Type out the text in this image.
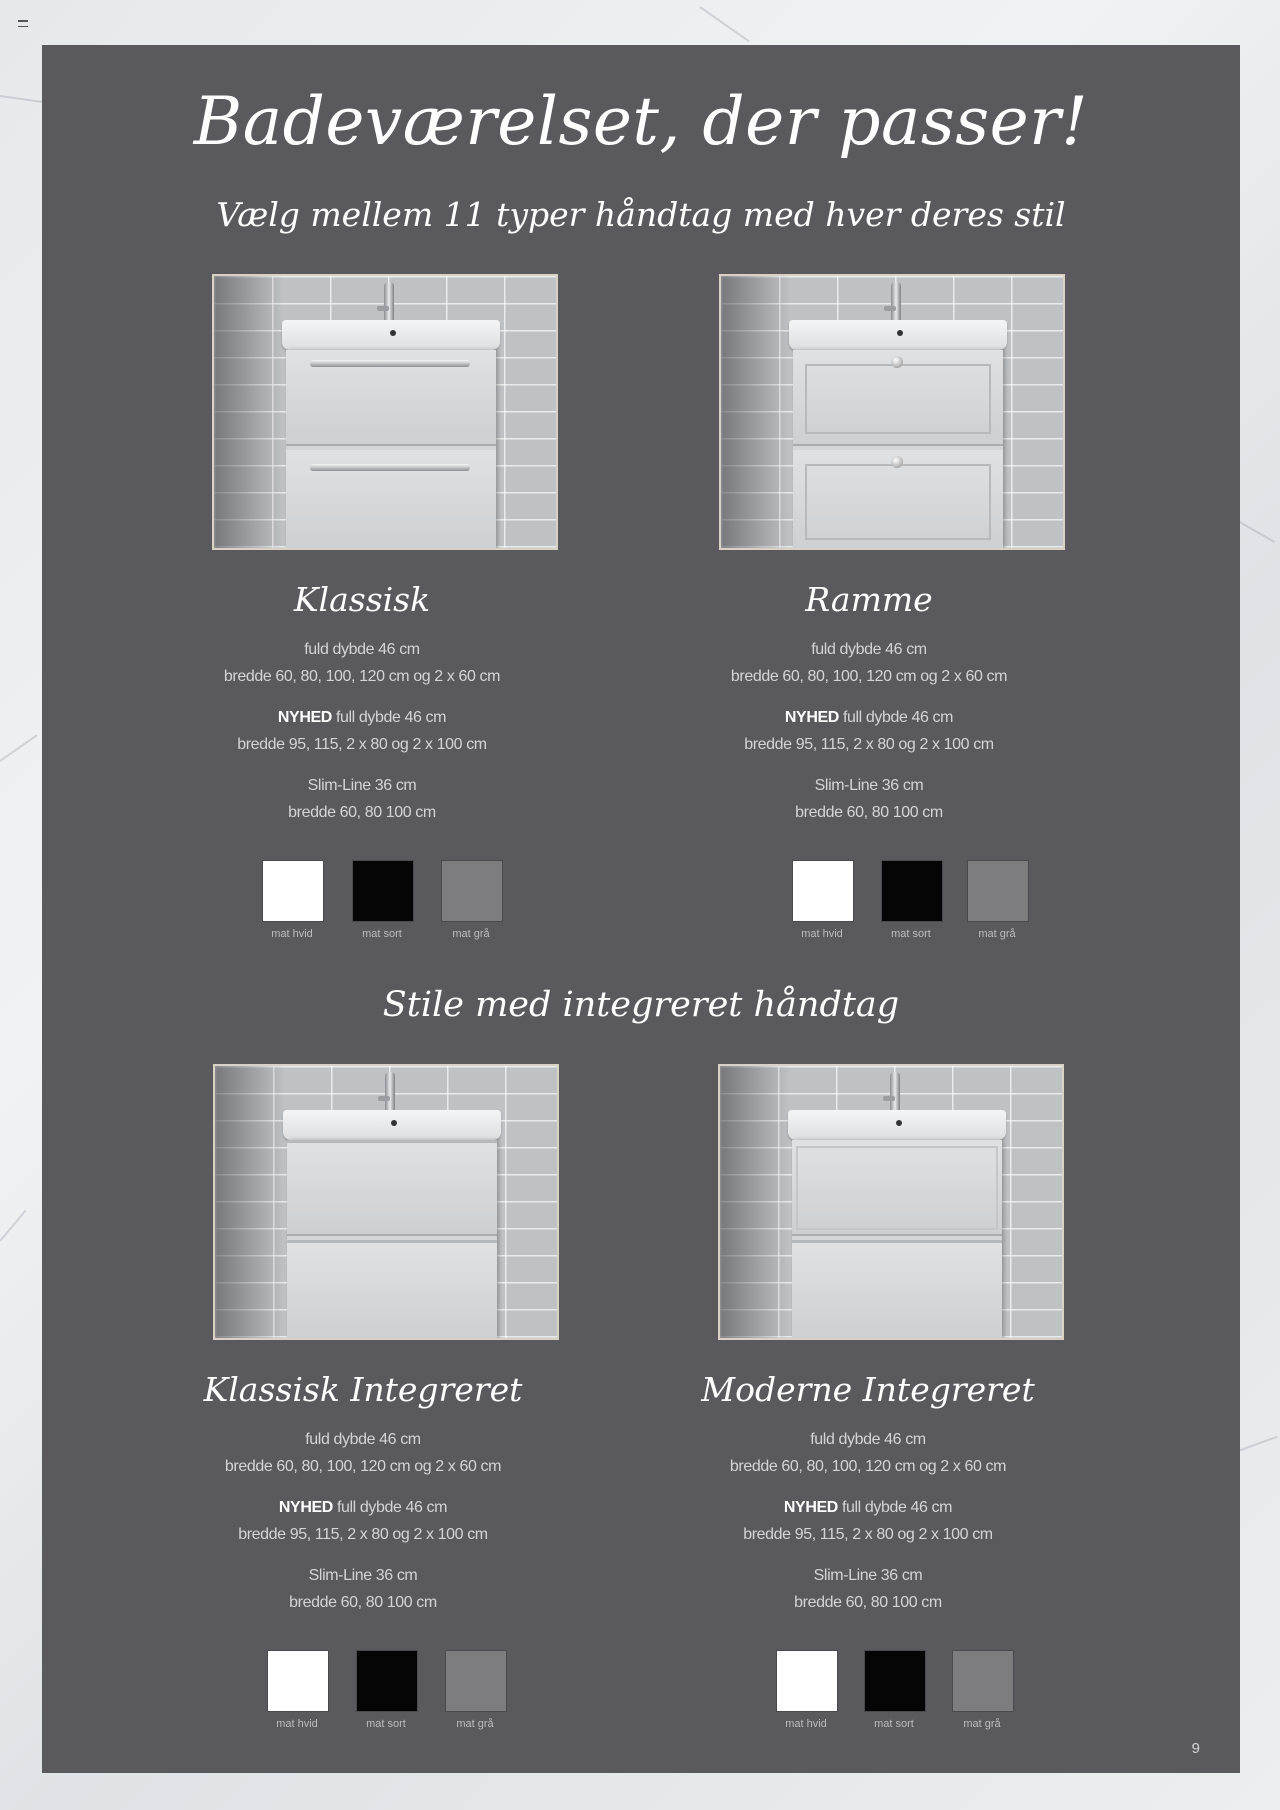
Badeværelset, der passer!
Vælg mellem 11 typer håndtag med hver deres stil
Stile med integreret håndtag
Klassisk
fuld dybde 46 cm
bredde 60, 80, 100, 120 cm og 2 x 60 cm
NYHED full dybde 46 cm
bredde 95, 115, 2 x 80 og 2 x 100 cm
Slim-Line 36 cm
bredde 60, 80 100 cm
mat hvid	mat sort	mat grå
Ramme
fuld dybde 46 cm
bredde 60, 80, 100, 120 cm og 2 x 60 cm
NYHED full dybde 46 cm
bredde 95, 115, 2 x 80 og 2 x 100 cm
Slim-Line 36 cm
bredde 60, 80 100 cm
mat hvid	mat sort	mat grå
Klassisk Integreret
fuld dybde 46 cm
bredde 60, 80, 100, 120 cm og 2 x 60 cm
NYHED full dybde 46 cm
bredde 95, 115, 2 x 80 og 2 x 100 cm
Slim-Line 36 cm
bredde 60, 80 100 cm
mat hvid	mat sort	mat grå
Moderne Integreret
fuld dybde 46 cm
bredde 60, 80, 100, 120 cm og 2 x 60 cm
NYHED full dybde 46 cm
bredde 95, 115, 2 x 80 og 2 x 100 cm
Slim-Line 36 cm
bredde 60, 80 100 cm
mat hvid	mat sort	mat grå
9
